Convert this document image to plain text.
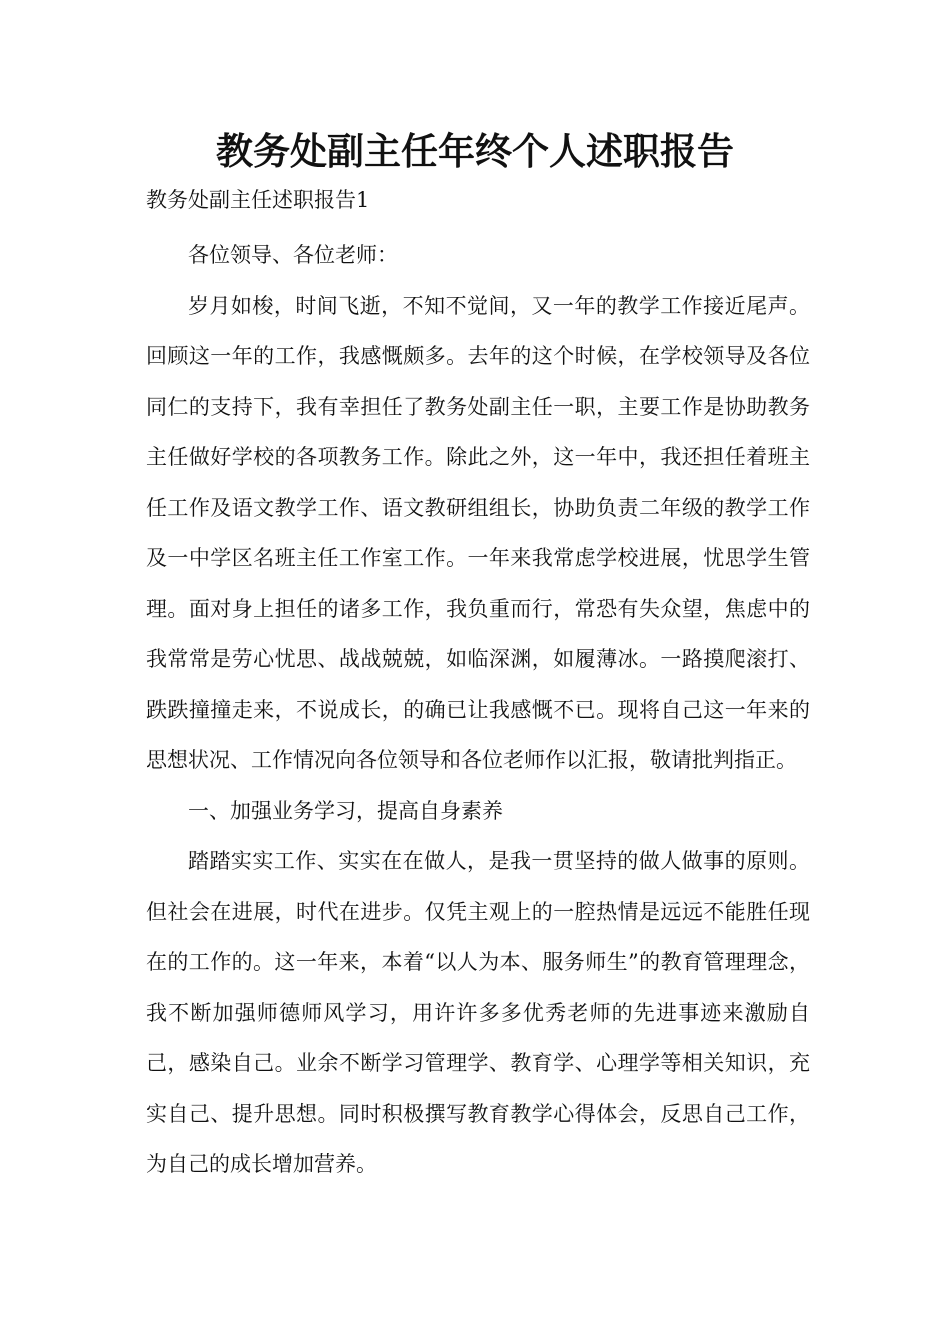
教务处副主任年终个人述职报告
教务处副主任述职报告1

各位领导、各位老师：

岁月如梭，时间飞逝，不知不觉间，又一年的教学工作接近尾声。回顾这一年的工作，我感慨颇多。去年的这个时候，在学校领导及各位同仁的支持下，我有幸担任了教务处副主任一职，主要工作是协助教务主任做好学校的各项教务工作。除此之外，这一年中，我还担任着班主任工作及语文教学工作、语文教研组组长，协助负责二年级的教学工作及一中学区名班主任工作室工作。一年来我常虑学校进展，忧思学生管理。面对身上担任的诸多工作，我负重而行，常恐有失众望，焦虑中的我常常是劳心忧思、战战兢兢，如临深渊，如履薄冰。一路摸爬滚打、跌跌撞撞走来，不说成长，的确已让我感慨不已。现将自己这一年来的思想状况、工作情况向各位领导和各位老师作以汇报，敬请批判指正。

一、加强业务学习，提高自身素养

踏踏实实工作、实实在在做人，是我一贯坚持的做人做事的原则。但社会在进展，时代在进步。仅凭主观上的一腔热情是远远不能胜任现在的工作的。这一年来，本着“以人为本、服务师生”的教育管理理念，我不断加强师德师风学习，用许许多多优秀老师的先进事迹来激励自己，感染自己。业余不断学习管理学、教育学、心理学等相关知识，充实自己、提升思想。同时积极撰写教育教学心得体会，反思自己工作，为自己的成长增加营养。
